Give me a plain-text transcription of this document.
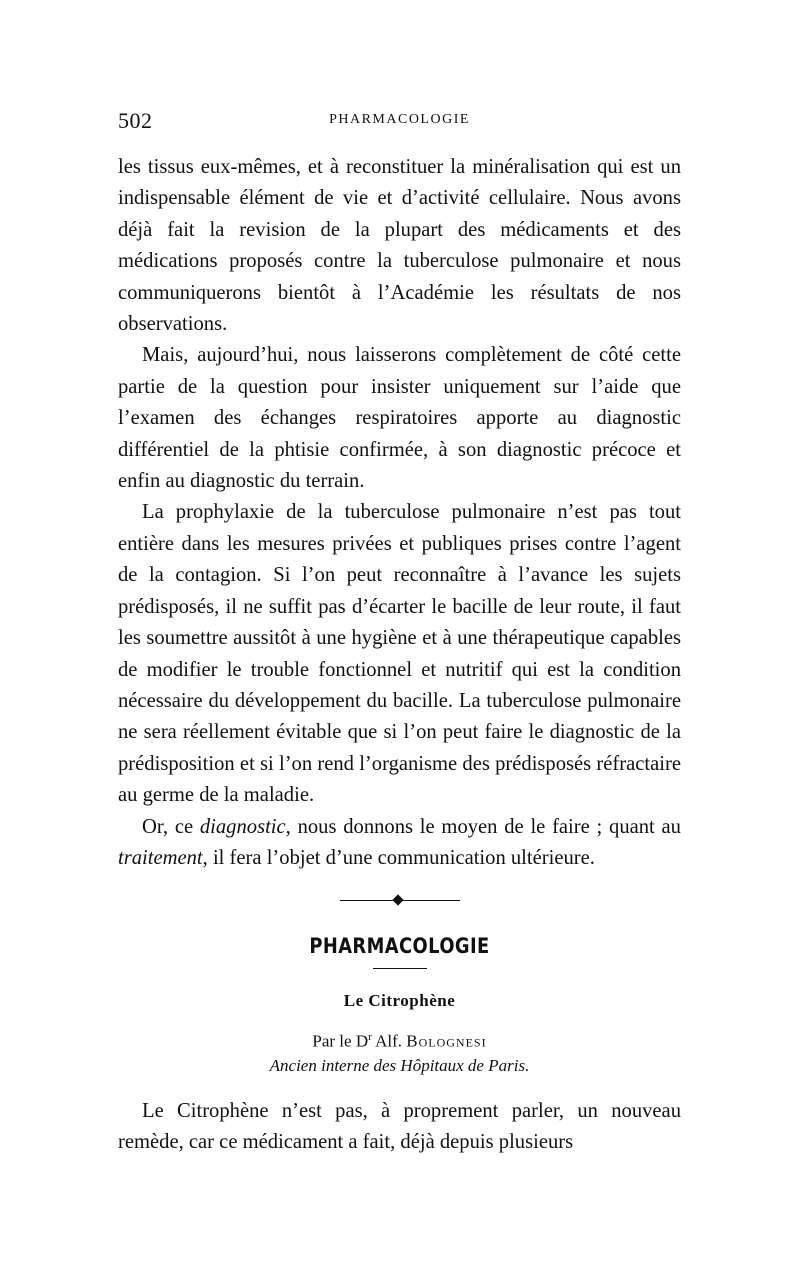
502	PHARMACOLOGIE

les tissus eux-mêmes, et à reconstituer la minéralisation qui est un indispensable élément de vie et d’activité cellulaire. Nous avons déjà fait la revision de la plupart des médicaments et des médications proposés contre la tuberculose pulmonaire et nous communiquerons bientôt à l’Académie les résultats de nos observations.

Mais, aujourd’hui, nous laisserons complètement de côté cette partie de la question pour insister uniquement sur l’aide que l’examen des échanges respiratoires apporte au diagnostic différentiel de la phtisie confirmée, à son diagnostic précoce et enfin au diagnostic du terrain.

La prophylaxie de la tuberculose pulmonaire n’est pas tout entière dans les mesures privées et publiques prises contre l’agent de la contagion. Si l’on peut reconnaître à l’avance les sujets prédisposés, il ne suffit pas d’écarter le bacille de leur route, il faut les soumettre aussitôt à une hygiène et à une thérapeutique capables de modifier le trouble fonctionnel et nutritif qui est la condition nécessaire du développement du bacille. La tuberculose pulmonaire ne sera réellement évitable que si l’on peut faire le diagnostic de la prédisposition et si l’on rend l’organisme des prédisposés réfractaire au germe de la maladie.

Or, ce diagnostic, nous donnons le moyen de le faire ; quant au traitement, il fera l’objet d’une communication ultérieure.

PHARMACOLOGIE
Le Citrophène
Par le $D^r$ Alf. Bolognesi
Ancien interne des Hôpitaux de Paris.

Le Citrophène n’est pas, à proprement parler, un nouveau remède, car ce médicament a fait, déjà depuis plusieurs
